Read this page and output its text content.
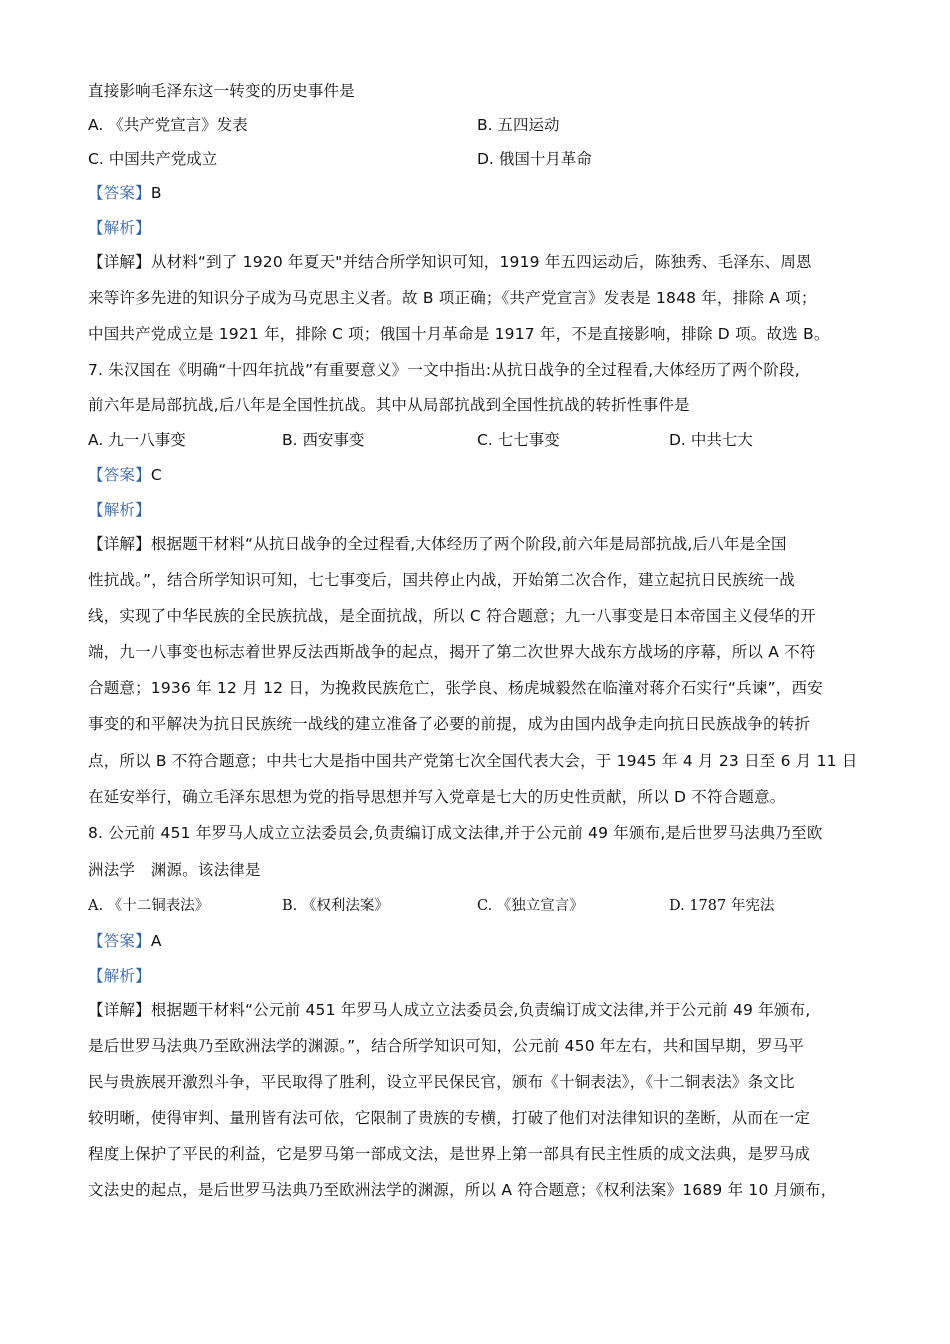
直接影响毛泽东这一转变的历史事件是
A. 《共产党宣言》发表	B. 五四运动
C. 中国共产党成立	D. 俄国十月革命
【答案】B
【解析】
【详解】从材料“到了 1920 年夏天"并结合所学知识可知，1919 年五四运动后，陈独秀、毛泽东、周恩
来等许多先进的知识分子成为马克思主义者。故 B 项正确；《共产党宣言》发表是 1848 年，排除 A 项；
中国共产党成立是 1921 年，排除 C 项；俄国十月革命是 1917 年，不是直接影响，排除 D 项。故选 B。
7. 朱汉国在《明确“十四年抗战”有重要意义》一文中指出:从抗日战争的全过程看,大体经历了两个阶段,
前六年是局部抗战,后八年是全国性抗战。其中从局部抗战到全国性抗战的转折性事件是
A. 九一八事变	B. 西安事变	C. 七七事变	D. 中共七大
【答案】C
【解析】
【详解】根据题干材料“从抗日战争的全过程看,大体经历了两个阶段,前六年是局部抗战,后八年是全国
性抗战。”，结合所学知识可知，七七事变后，国共停止内战，开始第二次合作，建立起抗日民族统一战
线，实现了中华民族的全民族抗战，是全面抗战，所以 C 符合题意；九一八事变是日本帝国主义侵华的开
端，九一八事变也标志着世界反法西斯战争的起点，揭开了第二次世界大战东方战场的序幕，所以 A 不符
合题意；1936 年 12 月 12 日，为挽救民族危亡，张学良、杨虎城毅然在临潼对蒋介石实行“兵谏”，西安
事变的和平解决为抗日民族统一战线的建立准备了必要的前提，成为由国内战争走向抗日民族战争的转折
点，所以 B 不符合题意；中共七大是指中国共产党第七次全国代表大会，于 1945 年 4 月 23 日至 6 月 11 日
在延安举行，确立毛泽东思想为党的指导思想并写入党章是七大的历史性贡献，所以 D 不符合题意。
8. 公元前 451 年罗马人成立立法委员会,负责编订成文法律,并于公元前 49 年颁布,是后世罗马法典乃至欧
洲法学　渊源。该法律是
A. 《十二铜表法》	B. 《权利法案》	C. 《独立宣言》	D. 1787 年宪法
【答案】A
【解析】
【详解】根据题干材料“公元前 451 年罗马人成立立法委员会,负责编订成文法律,并于公元前 49 年颁布,
是后世罗马法典乃至欧洲法学的渊源。”，结合所学知识可知，公元前 450 年左右，共和国早期，罗马平
民与贵族展开激烈斗争，平民取得了胜利，设立平民保民官，颁布《十铜表法》，《十二铜表法》条文比
较明晰，使得审判、量刑皆有法可依，它限制了贵族的专横，打破了他们对法律知识的垄断，从而在一定
程度上保护了平民的利益，它是罗马第一部成文法，是世界上第一部具有民主性质的成文法典，是罗马成
文法史的起点，是后世罗马法典乃至欧洲法学的渊源，所以 A 符合题意；《权利法案》1689 年 10 月颁布，
